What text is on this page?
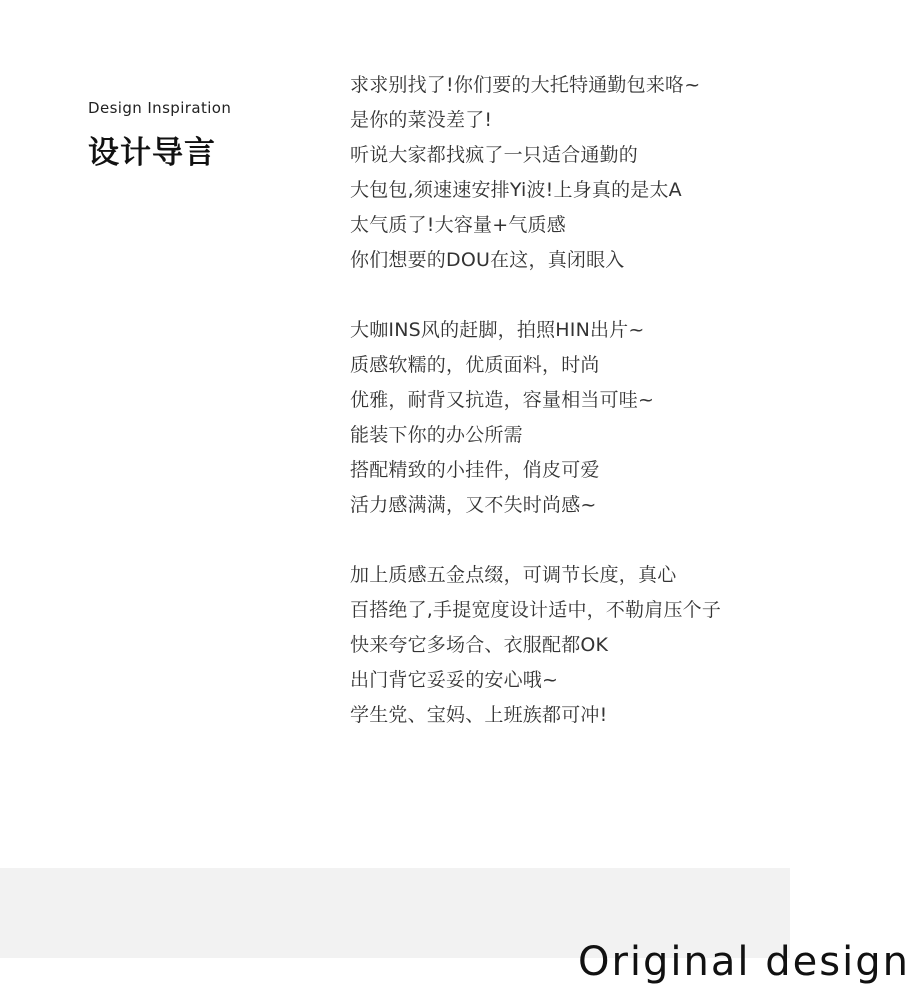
Design Inspiration
设计导言
求求别找了!你们要的大托特通勤包来咯~
是你的菜没差了!
听说大家都找疯了一只适合通勤的
大包包,须速速安排Yi波!上身真的是太A
太气质了!大容量+气质感
你们想要的DOU在这，真闭眼入
大咖INS风的赶脚，拍照HIN出片~
质感软糯的，优质面料，时尚
优雅，耐背又抗造，容量相当可哇~
能装下你的办公所需
搭配精致的小挂件，俏皮可爱
活力感满满，又不失时尚感~
加上质感五金点缀，可调节长度，真心
百搭绝了,手提宽度设计适中，不勒肩压个子
快来夸它多场合、衣服配都OK
出门背它妥妥的安心哦~
学生党、宝妈、上班族都可冲!
Original design
